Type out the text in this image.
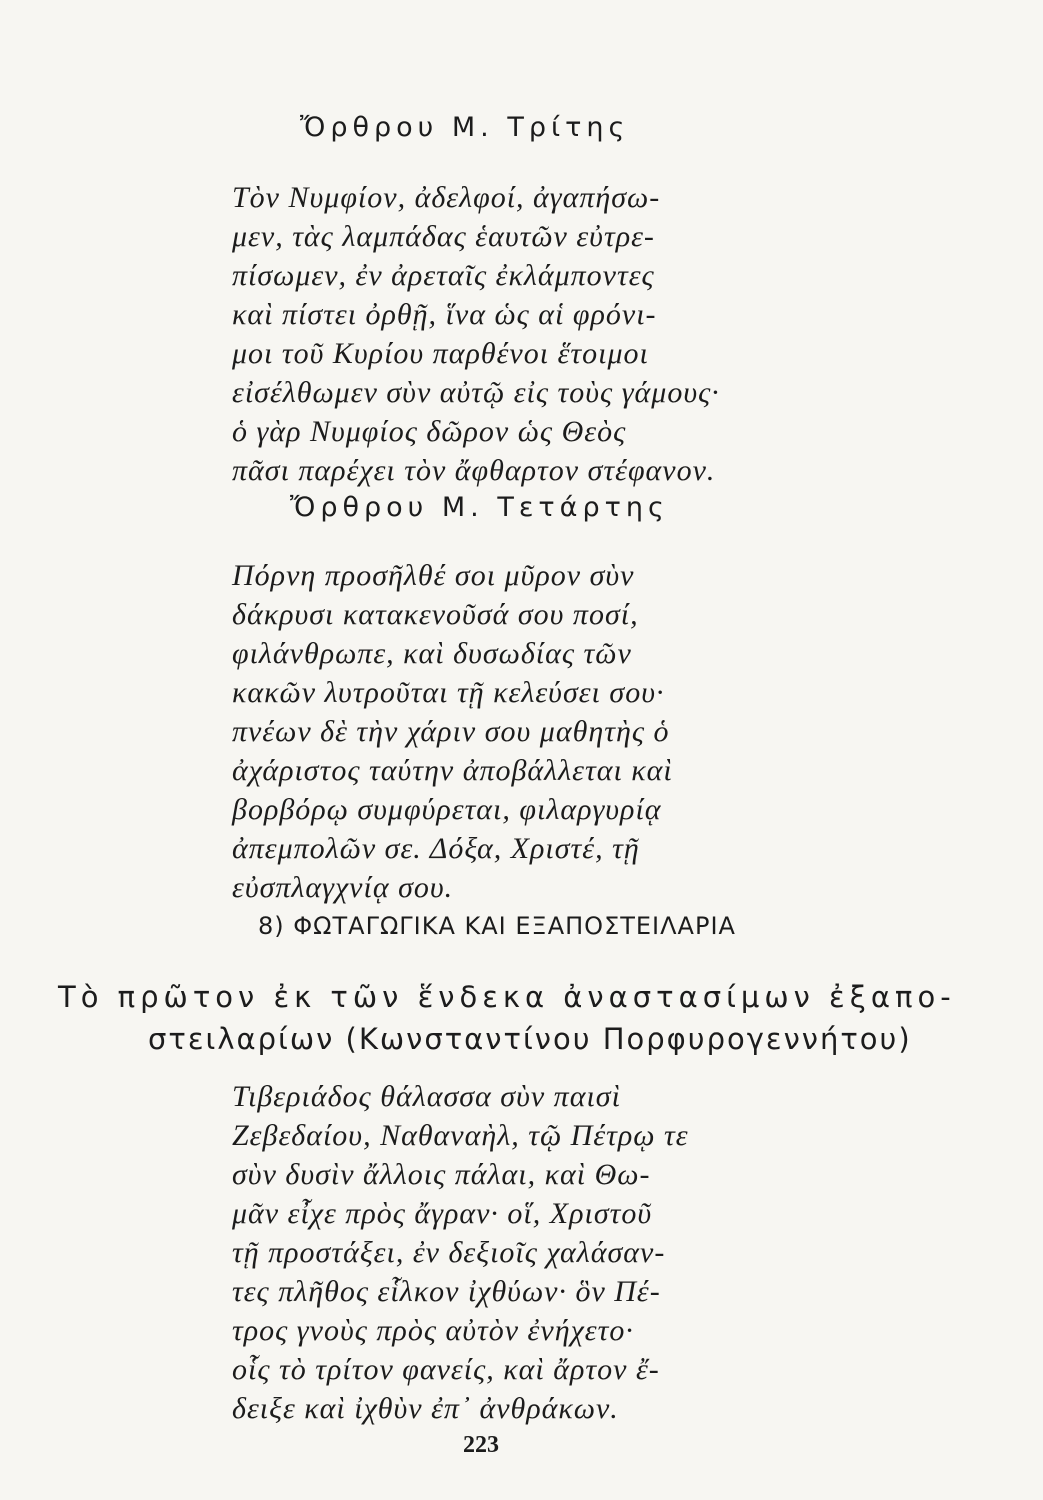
Ὄρθρου Μ. Τρίτης
Τὸν Νυμφίον, ἀδελφοί, ἀγαπήσω-
μεν, τὰς λαμπάδας ἑαυτῶν εὐτρε-
πίσωμεν, ἐν ἀρεταῖς ἐκλάμποντες
καὶ πίστει ὀρθῇ, ἵνα ὡς αἱ φρόνι-
μοι τοῦ Κυρίου παρθένοι ἕτοιμοι
εἰσέλθωμεν σὺν αὐτῷ εἰς τοὺς γάμους·
ὁ γὰρ Νυμφίος δῶρον ὡς Θεὸς
πᾶσι παρέχει τὸν ἄφθαρτον στέφανον.
Ὄρθρου Μ. Τετάρτης
Πόρνη προσῆλθέ σοι μῦρον σὺν
δάκρυσι κατακενοῦσά σου ποσί,
φιλάνθρωπε, καὶ δυσωδίας τῶν
κακῶν λυτροῦται τῇ κελεύσει σου·
πνέων δὲ τὴν χάριν σου μαθητὴς ὁ
ἀχάριστος ταύτην ἀποβάλλεται καὶ
βορβόρῳ συμφύρεται, φιλαργυρίᾳ
ἀπεμπολῶν σε. Δόξα, Χριστέ, τῇ
εὐσπλαγχνίᾳ σου.
8) ΦΩΤΑΓΩΓΙΚΑ ΚΑΙ ΕΞΑΠΟΣΤΕΙΛΑΡΙΑ
Τὸ πρῶτον ἐκ τῶν ἕνδεκα ἀναστασίμων ἐξαπο-
στειλαρίων (Κωνσταντίνου Πορφυρογεννήτου)
Τιβεριάδος θάλασσα σὺν παισὶ
Ζεβεδαίου, Ναθαναὴλ, τῷ Πέτρῳ τε
σὺν δυσὶν ἄλλοις πάλαι, καὶ Θω-
μᾶν εἶχε πρὸς ἄγραν· οἵ, Χριστοῦ
τῇ προστάξει, ἐν δεξιοῖς χαλάσαν-
τες πλῆθος εἷλκον ἰχθύων· ὃν Πέ-
τρος γνοὺς πρὸς αὐτὸν ἐνήχετο·
οἷς τὸ τρίτον φανείς, καὶ ἄρτον ἔ-
δειξε καὶ ἰχθὺν ἐπ᾽ ἀνθράκων.
223
